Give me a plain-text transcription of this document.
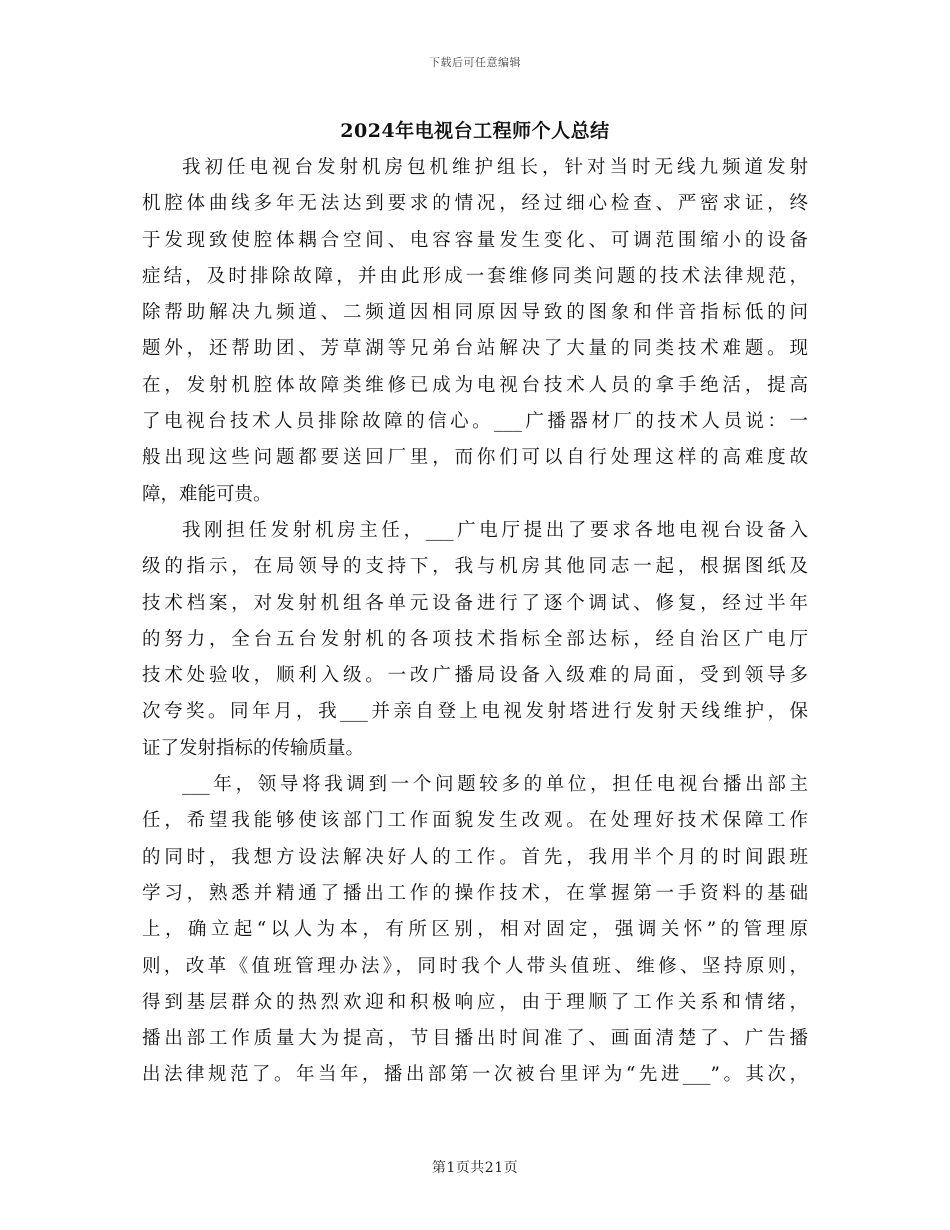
下载后可任意编辑
2024年电视台工程师个人总结
我初任电视台发射机房包机维护组长，针对当时无线九频道发射
机腔体曲线多年无法达到要求的情况，经过细心检查、严密求证，终
于发现致使腔体耦合空间、电容容量发生变化、可调范围缩小的设备
症结，及时排除故障，并由此形成一套维修同类问题的技术法律规范，
除帮助解决九频道、二频道因相同原因导致的图象和伴音指标低的问
题外，还帮助团、芳草湖等兄弟台站解决了大量的同类技术难题。现
在，发射机腔体故障类维修已成为电视台技术人员的拿手绝活，提高
了电视台技术人员排除故障的信心。___广播器材厂的技术人员说：一
般出现这些问题都要送回厂里，而你们可以自行处理这样的高难度故
障，难能可贵。
我刚担任发射机房主任，___广电厅提出了要求各地电视台设备入
级的指示，在局领导的支持下，我与机房其他同志一起，根据图纸及
技术档案，对发射机组各单元设备进行了逐个调试、修复，经过半年
的努力，全台五台发射机的各项技术指标全部达标，经自治区广电厅
技术处验收，顺利入级。一改广播局设备入级难的局面，受到领导多
次夸奖。同年月，我___并亲自登上电视发射塔进行发射天线维护，保
证了发射指标的传输质量。
___年，领导将我调到一个问题较多的单位，担任电视台播出部主
任，希望我能够使该部门工作面貌发生改观。在处理好技术保障工作
的同时，我想方设法解决好人的工作。首先，我用半个月的时间跟班
学习，熟悉并精通了播出工作的操作技术，在掌握第一手资料的基础
上，确立起“以人为本，有所区别，相对固定，强调关怀”的管理原
则，改革《值班管理办法》，同时我个人带头值班、维修、坚持原则，
得到基层群众的热烈欢迎和积极响应，由于理顺了工作关系和情绪，
播出部工作质量大为提高，节目播出时间准了、画面清楚了、广告播
出法律规范了。年当年，播出部第一次被台里评为“先进___”。其次，
第1页共21页
